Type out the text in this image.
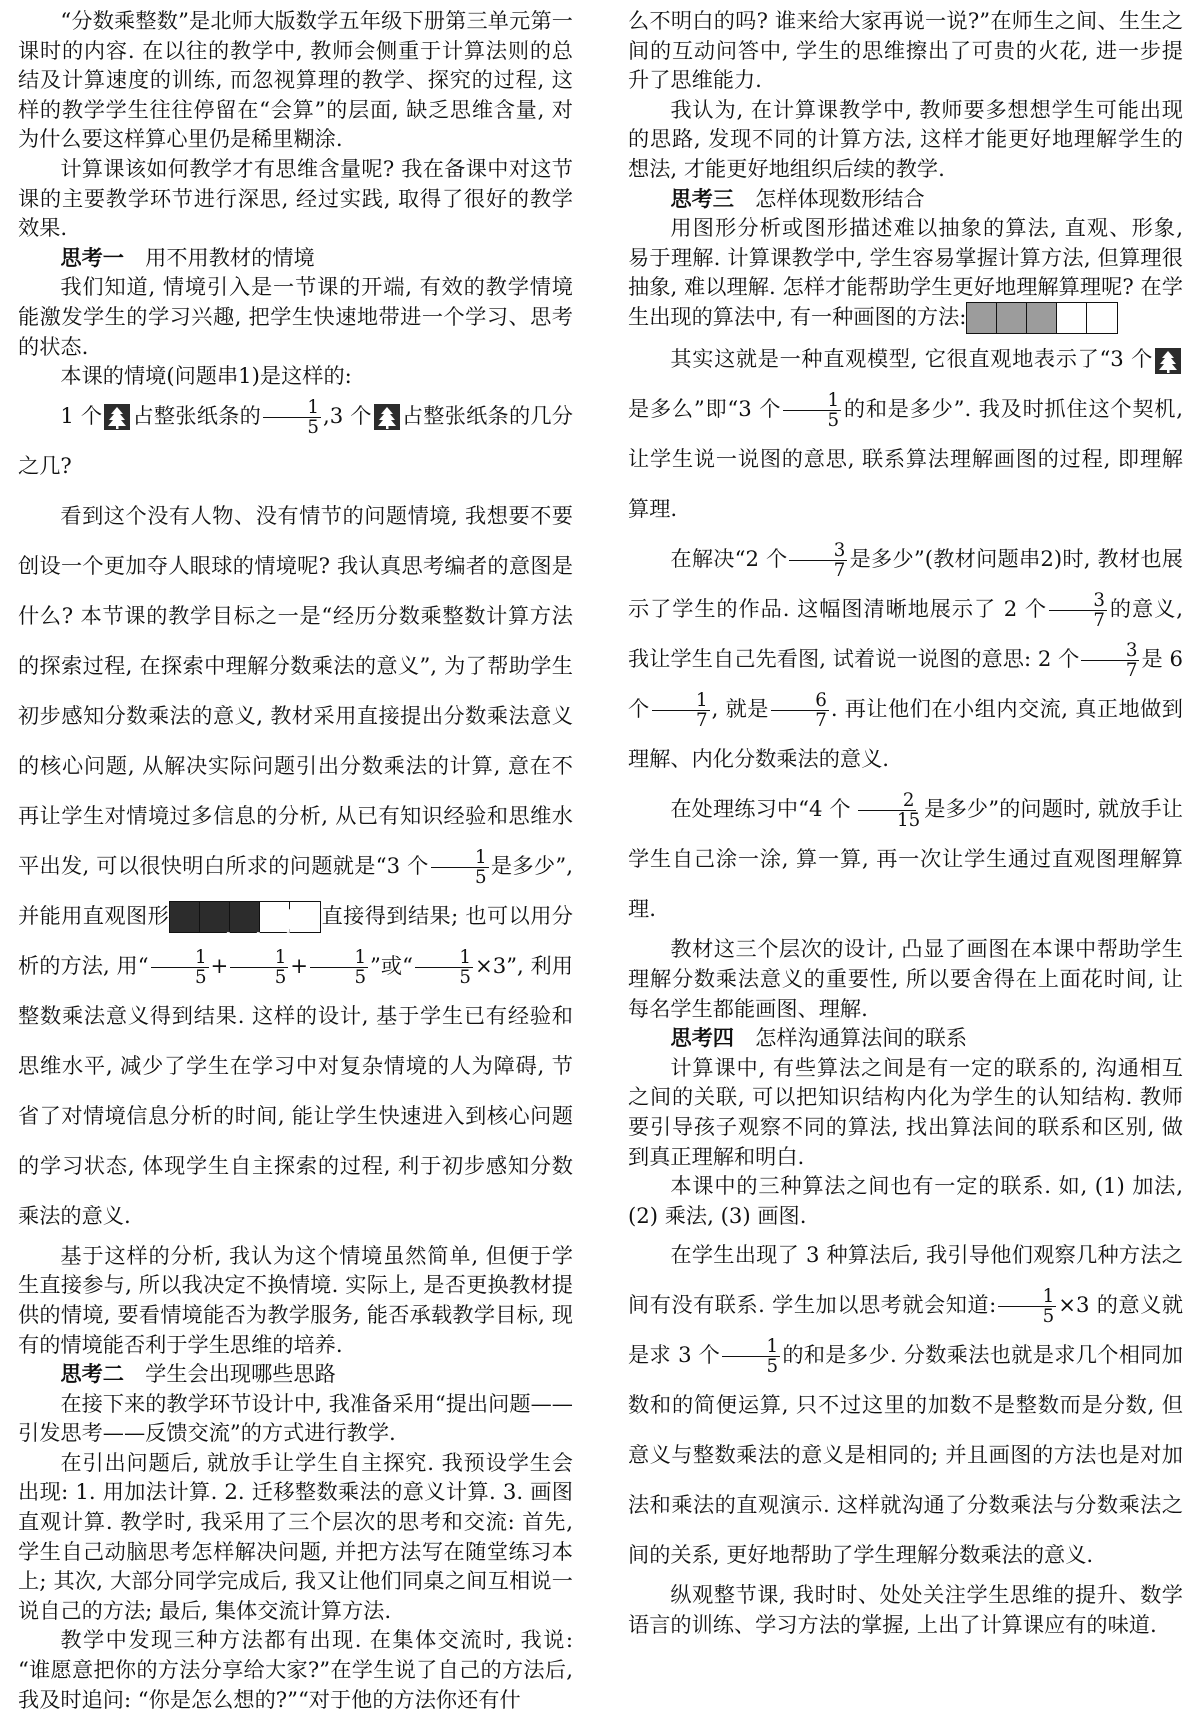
“分数乘整数”是北师大版数学五年级下册第三单元第一课时的内容. 在以往的教学中, 教师会侧重于计算法则的总结及计算速度的训练, 而忽视算理的教学、探究的过程, 这样的教学学生往往停留在“会算”的层面, 缺乏思维含量, 对为什么要这样算心里仍是稀里糊涂.

计算课该如何教学才有思维含量呢? 我在备课中对这节课的主要教学环节进行深思, 经过实践, 取得了很好的教学效果.

思考一 用不用教材的情境

我们知道, 情境引入是一节课的开端, 有效的教学情境能激发学生的学习兴趣, 把学生快速地带进一个学习、思考的状态.

本课的情境(问题串1)是这样的:

1 个 占整张纸条的 $\frac{1}{5} ,3$ 个 占整张纸条的几分之几?

看到这个没有人物、没有情节的问题情境, 我想要不要创设一个更加夺人眼球的情境呢? 我认真思考编者的意图是什么? 本节课的教学目标之一是“经历分数乘整数计算方法的探索过程, 在探索中理解分数乘法的意义”, 为了帮助学生初步感知分数乘法的意义, 教材采用直接提出分数乘法意义的核心问题, 从解决实际问题引出分数乘法的计算, 意在不再让学生对情境过多信息的分析, 从已有知识经验和思维水平出发, 可以很快明白所求的问题就是“3 个 $\frac{1}{5}$ 是多少”, 并能用直观图形	直接得到结果; 也可以用分析的方法, 用“ $\frac{1}{5} + \frac{1}{5} + \frac{1}{5}$ ”或“ $\frac{1}{5} \times 3$”, 利用整数乘法意义得到结果. 这样的设计, 基于学生已有经验和思维水平, 减少了学生在学习中对复杂情境的人为障碍, 节省了对情境信息分析的时间, 能让学生快速进入到核心问题的学习状态, 体现学生自主探索的过程, 利于初步感知分数乘法的意义.

基于这样的分析, 我认为这个情境虽然简单, 但便于学生直接参与, 所以我决定不换情境. 实际上, 是否更换教材提供的情境, 要看情境能否为教学服务, 能否承载教学目标, 现有的情境能否利于学生思维的培养.

思考二 学生会出现哪些思路

在接下来的教学环节设计中, 我准备采用“提出问题——引发思考——反馈交流”的方式进行教学.

在引出问题后, 就放手让学生自主探究. 我预设学生会出现: 1. 用加法计算. 2. 迁移整数乘法的意义计算. 3. 画图直观计算. 教学时, 我采用了三个层次的思考和交流: 首先, 学生自己动脑思考怎样解决问题, 并把方法写在随堂练习本上; 其次, 大部分同学完成后, 我又让他们同桌之间互相说一说自己的方法; 最后, 集体交流计算方法.

教学中发现三种方法都有出现. 在集体交流时, 我说: “谁愿意把你的方法分享给大家?”在学生说了自己的方法后, 我及时追问: “你是怎么想的?”“对于他的方法你还有什

么不明白的吗? 谁来给大家再说一说?”在师生之间、生生之间的互动问答中, 学生的思维擦出了可贵的火花, 进一步提升了思维能力.

我认为, 在计算课教学中, 教师要多想想学生可能出现的思路, 发现不同的计算方法, 这样才能更好地理解学生的想法, 才能更好地组织后续的教学.

思考三 怎样体现数形结合

用图形分析或图形描述难以抽象的算法, 直观、形象, 易于理解. 计算课教学中, 学生容易掌握计算方法, 但算理很抽象, 难以理解. 怎样才能帮助学生更好地理解算理呢? 在学生出现的算法中, 有一种画图的方法:

其实这就是一种直观模型, 它很直观地表示了“3 个
是多么”即“3 个 $\frac{1}{5}$ 的和是多少”. 我及时抓住这个契机, 让学生说一说图的意思, 联系算法理解画图的过程, 即理解算理.

在解决“2 个 $\frac{3}{7}$ 是多少”(教材问题串2)时, 教材也展示了学生的作品. 这幅图清晰地展示了 2 个 $\frac{3}{7}$ 的意义, 我让学生自己先看图, 试着说一说图的意思: 2 个 $\frac{3}{7}$ 是 6 个 $\frac{1}{7}$ , 就是 $\frac{6}{7}$ . 再让他们在小组内交流, 真正地做到理解、内化分数乘法的意义.

在处理练习中“4 个 $\frac{2}{15}$ 是多少”的问题时, 就放手让学生自己涂一涂, 算一算, 再一次让学生通过直观图理解算理.

教材这三个层次的设计, 凸显了画图在本课中帮助学生理解分数乘法意义的重要性, 所以要舍得在上面花时间, 让每名学生都能画图、理解.

思考四 怎样沟通算法间的联系

计算课中, 有些算法之间是有一定的联系的, 沟通相互之间的关联, 可以把知识结构内化为学生的认知结构. 教师要引导孩子观察不同的算法, 找出算法间的联系和区别, 做到真正理解和明白.

本课中的三种算法之间也有一定的联系. 如, (1) 加法, (2) 乘法, (3) 画图.

在学生出现了 3 种算法后, 我引导他们观察几种方法之间有没有联系. 学生加以思考就会知道: $\frac{1}{5} \times 3$ 的意义就是求 3 个 $\frac{1}{5}$ 的和是多少. 分数乘法也就是求几个相同加数和的简便运算, 只不过这里的加数不是整数而是分数, 但意义与整数乘法的意义是相同的; 并且画图的方法也是对加法和乘法的直观演示. 这样就沟通了分数乘法与分数乘法之间的关系, 更好地帮助了学生理解分数乘法的意义.

纵观整节课, 我时时、处处关注学生思维的提升、数学语言的训练、学习方法的掌握, 上出了计算课应有的味道.
